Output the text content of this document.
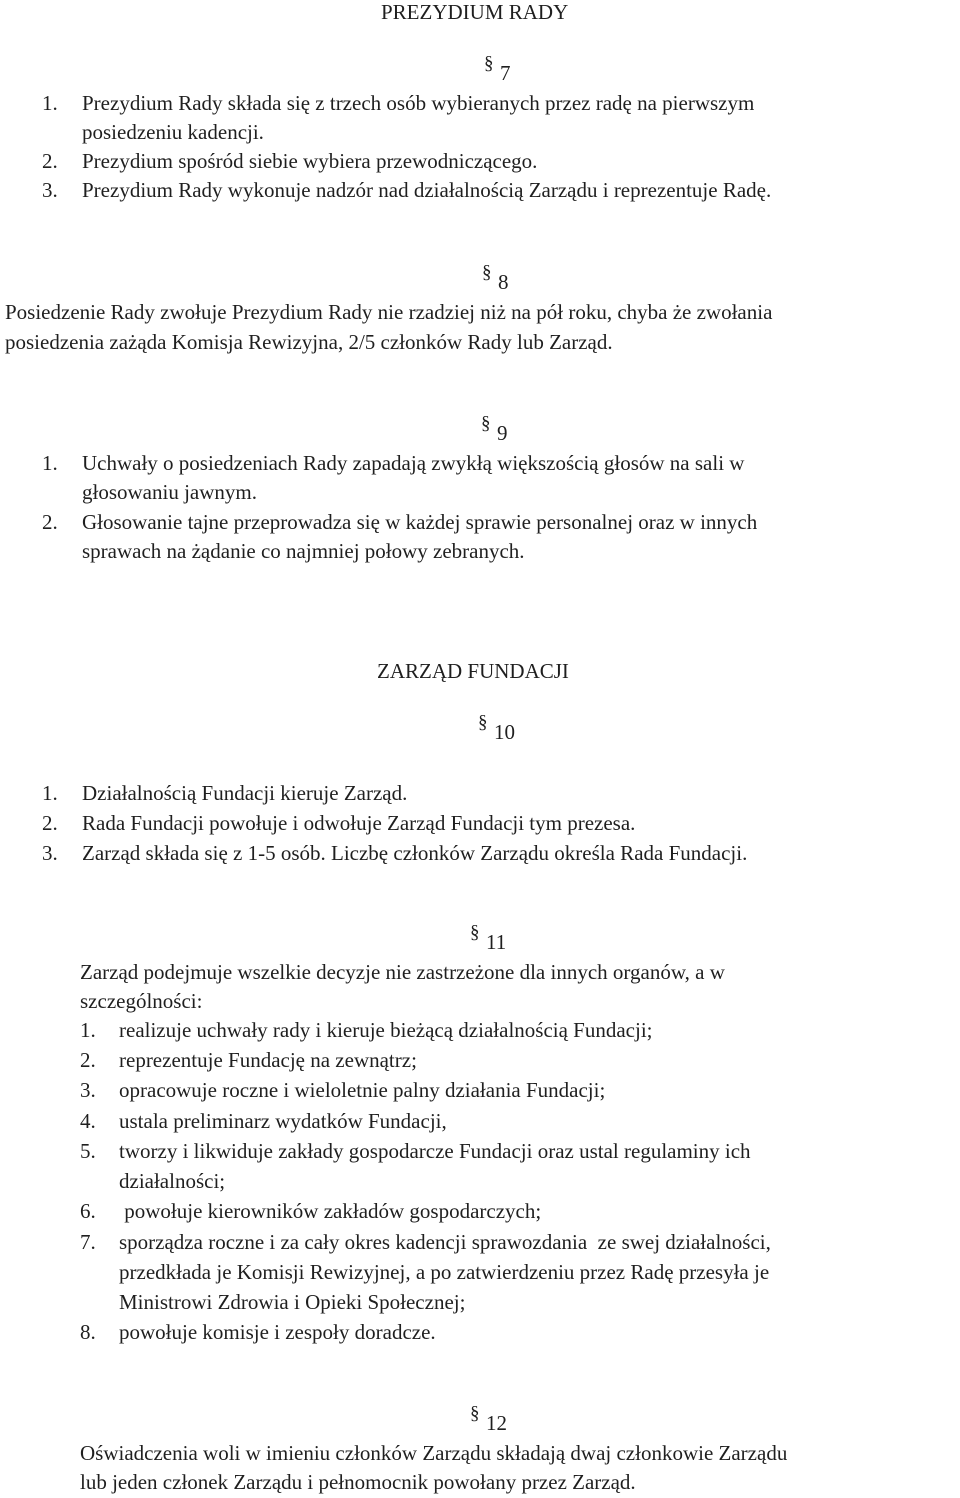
PREZYDIUM RADY
§ 7
1. Prezydium Rady składa się z trzech osób wybieranych przez radę na pierwszym
posiedzeniu kadencji.
2. Prezydium spośród siebie wybiera przewodniczącego.
3. Prezydium Rady wykonuje nadzór nad działalnością Zarządu i reprezentuje Radę.
§ 8
Posiedzenie Rady zwołuje Prezydium Rady nie rzadziej niż na pół roku, chyba że zwołania
posiedzenia zażąda Komisja Rewizyjna, 2/5 członków Rady lub Zarząd.
§ 9
1. Uchwały o posiedzeniach Rady zapadają zwykłą większością głosów na sali w
głosowaniu jawnym.
2. Głosowanie tajne przeprowadza się w każdej sprawie personalnej oraz w innych
sprawach na żądanie co najmniej połowy zebranych.
ZARZĄD FUNDACJI
§ 10
1. Działalnością Fundacji kieruje Zarząd.
2. Rada Fundacji powołuje i odwołuje Zarząd Fundacji tym prezesa.
3. Zarząd składa się z 1-5 osób. Liczbę członków Zarządu określa Rada Fundacji.
§ 11
Zarząd podejmuje wszelkie decyzje nie zastrzeżone dla innych organów, a w
szczególności:
1. realizuje uchwały rady i kieruje bieżącą działalnością Fundacji;
2. reprezentuje Fundację na zewnątrz;
3. opracowuje roczne i wieloletnie palny działania Fundacji;
4. ustala preliminarz wydatków Fundacji,
5. tworzy i likwiduje zakłady gospodarcze Fundacji oraz ustal regulaminy ich
działalności;
6. powołuje kierowników zakładów gospodarczych;
7. sporządza roczne i za cały okres kadencji sprawozdania  ze swej działalności,
przedkłada je Komisji Rewizyjnej, a po zatwierdzeniu przez Radę przesyła je
Ministrowi Zdrowia i Opieki Społecznej;
8. powołuje komisje i zespoły doradcze.
§ 12
Oświadczenia woli w imieniu członków Zarządu składają dwaj członkowie Zarządu
lub jeden członek Zarządu i pełnomocnik powołany przez Zarząd.
